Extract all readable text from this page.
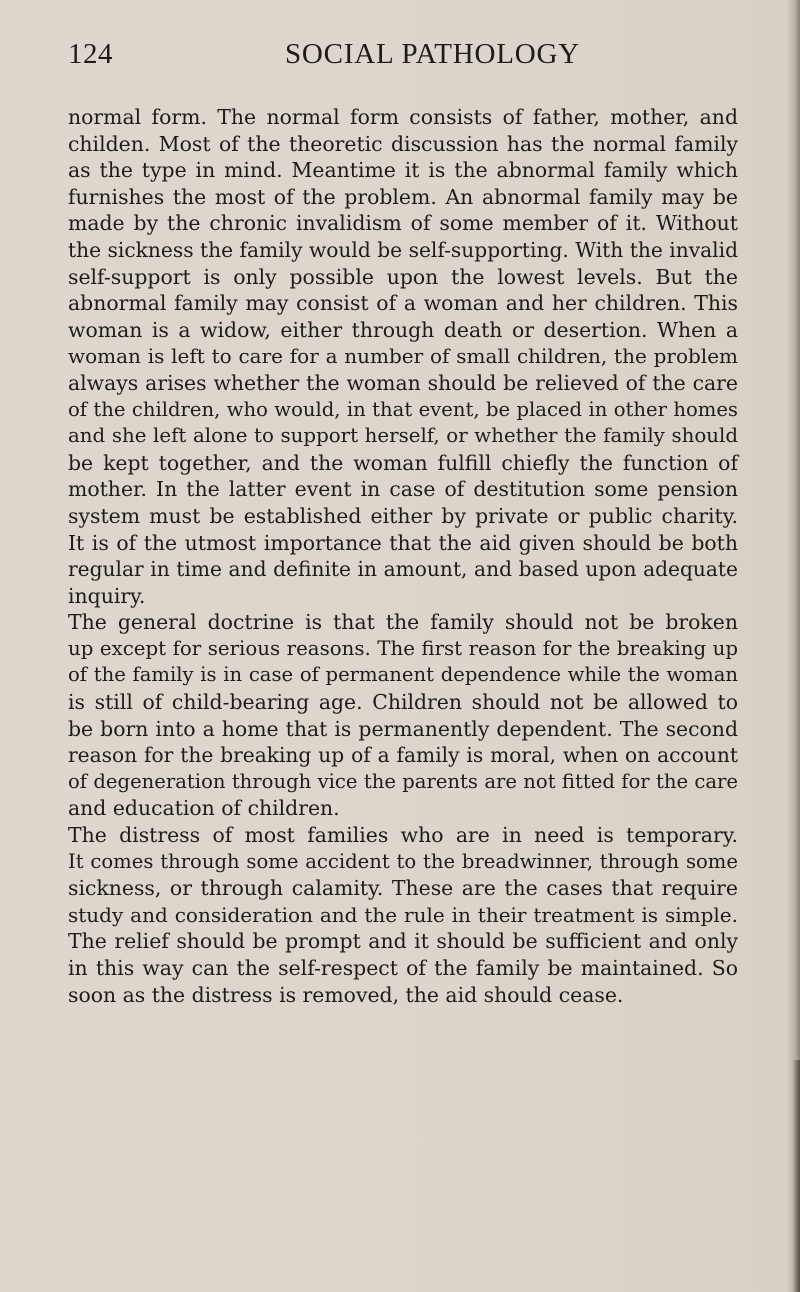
124	SOCIAL PATHOLOGY
normal form. The normal form consists of father, mother, and
childen. Most of the theoretic discussion has the normal family
as the type in mind. Meantime it is the abnormal family which
furnishes the most of the problem. An abnormal family may be
made by the chronic invalidism of some member of it. Without
the sickness the family would be self-supporting. With the invalid
self-support is only possible upon the lowest levels. But the
abnormal family may consist of a woman and her children. This
woman is a widow, either through death or desertion. When a
woman is left to care for a number of small children, the problem
always arises whether the woman should be relieved of the care
of the children, who would, in that event, be placed in other homes
and she left alone to support herself, or whether the family should
be kept together, and the woman fulfill chiefly the function of
mother. In the latter event in case of destitution some pension
system must be established either by private or public charity.
It is of the utmost importance that the aid given should be both
regular in time and definite in amount, and based upon adequate
inquiry.
The general doctrine is that the family should not be broken
up except for serious reasons. The first reason for the breaking up
of the family is in case of permanent dependence while the woman
is still of child-bearing age. Children should not be allowed to
be born into a home that is permanently dependent. The second
reason for the breaking up of a family is moral, when on account
of degeneration through vice the parents are not fitted for the care
and education of children.
The distress of most families who are in need is temporary.
It comes through some accident to the breadwinner, through some
sickness, or through calamity. These are the cases that require
study and consideration and the rule in their treatment is simple.
The relief should be prompt and it should be sufficient and only
in this way can the self-respect of the family be maintained. So
soon as the distress is removed, the aid should cease.
